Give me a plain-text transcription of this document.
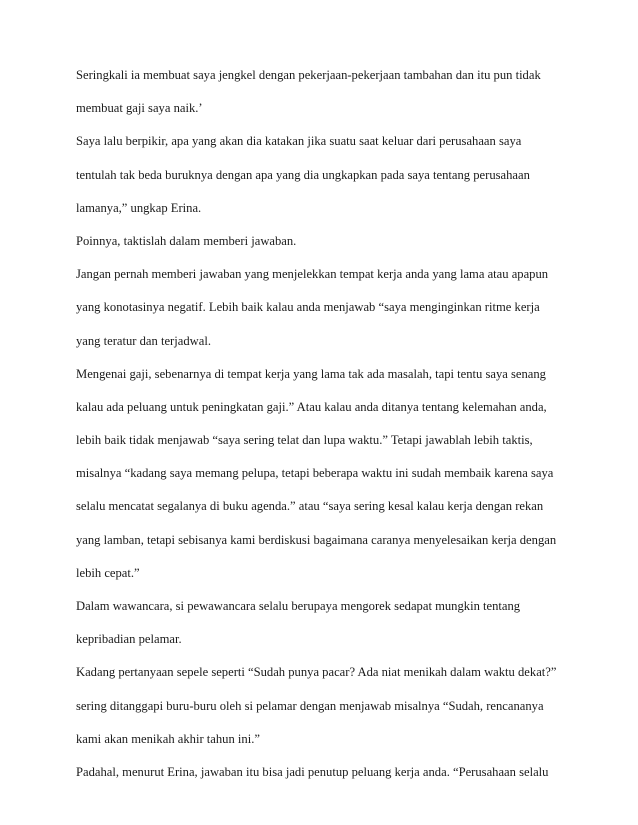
Seringkali ia membuat saya jengkel dengan pekerjaan-pekerjaan tambahan dan itu pun tidak
membuat gaji saya naik.’
Saya lalu berpikir, apa yang akan dia katakan jika suatu saat keluar dari perusahaan saya
tentulah tak beda buruknya dengan apa yang dia ungkapkan pada saya tentang perusahaan
lamanya,” ungkap Erina.
Poinnya, taktislah dalam memberi jawaban.
Jangan pernah memberi jawaban yang menjelekkan tempat kerja anda yang lama atau apapun
yang konotasinya negatif. Lebih baik kalau anda menjawab “saya menginginkan ritme kerja
yang teratur dan terjadwal.
Mengenai gaji, sebenarnya di tempat kerja yang lama tak ada masalah, tapi tentu saya senang
kalau ada peluang untuk peningkatan gaji.” Atau kalau anda ditanya tentang kelemahan anda,
lebih baik tidak menjawab “saya sering telat dan lupa waktu.” Tetapi jawablah lebih taktis,
misalnya “kadang saya memang pelupa, tetapi beberapa waktu ini sudah membaik karena saya
selalu mencatat segalanya di buku agenda.” atau “saya sering kesal kalau kerja dengan rekan
yang lamban, tetapi sebisanya kami berdiskusi bagaimana caranya menyelesaikan kerja dengan
lebih cepat.”
Dalam wawancara, si pewawancara selalu berupaya mengorek sedapat mungkin tentang
kepribadian pelamar.
Kadang pertanyaan sepele seperti “Sudah punya pacar? Ada niat menikah dalam waktu dekat?”
sering ditanggapi buru-buru oleh si pelamar dengan menjawab misalnya “Sudah, rencananya
kami akan menikah akhir tahun ini.”
Padahal, menurut Erina, jawaban itu bisa jadi penutup peluang kerja anda. “Perusahaan selalu
